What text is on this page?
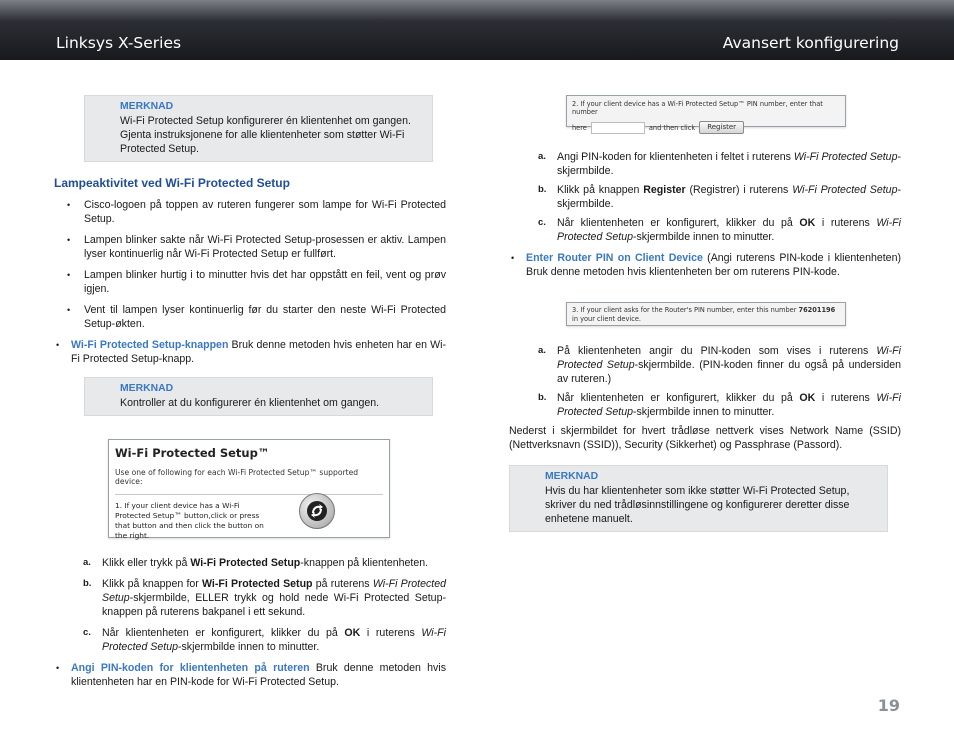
Linksys X-Series	Avansert konfigurering
MERKNAD
Wi-Fi Protected Setup konfigurerer én klientenhet om gangen. Gjenta instruksjonene for alle klientenheter som støtter Wi-Fi Protected Setup.
Lampeaktivitet ved Wi-Fi Protected Setup
• Cisco-logoen på toppen av ruteren fungerer som lampe for Wi-Fi Protected Setup.
• Lampen blinker sakte når Wi-Fi Protected Setup-prosessen er aktiv. Lampen lyser kontinuerlig når Wi-Fi Protected Setup er fullført.
• Lampen blinker hurtig i to minutter hvis det har oppstått en feil, vent og prøv igjen.
• Vent til lampen lyser kontinuerlig før du starter den neste Wi-Fi Protected Setup-økten.
• Wi-Fi Protected Setup-knappen Bruk denne metoden hvis enheten har en Wi-Fi Protected Setup-knapp.
MERKNAD
Kontroller at du konfigurerer én klientenhet om gangen.
Wi-Fi Protected Setup™
Use one of following for each Wi-Fi Protected Setup™ supported device:
1. If your client device has a Wi-Fi Protected Setup™ button,click or press that button and then click the button on the right.
a. Klikk eller trykk på Wi-Fi Protected Setup-knappen på klientenheten.
b. Klikk på knappen for Wi-Fi Protected Setup på ruterens Wi-Fi Protected Setup-skjermbilde, ELLER trykk og hold nede Wi-Fi Protected Setup-knappen på ruterens bakpanel i ett sekund.
c. Når klientenheten er konfigurert, klikker du på OK i ruterens Wi-Fi Protected Setup-skjermbilde innen to minutter.
• Angi PIN-koden for klientenheten på ruteren Bruk denne metoden hvis klientenheten har en PIN-kode for Wi-Fi Protected Setup.
2. If your client device has a Wi-Fi Protected Setup™ PIN number, enter that number
here	and then click	Register
a. Angi PIN-koden for klientenheten i feltet i ruterens Wi-Fi Protected Setup-skjermbilde.
b. Klikk på knappen Register (Registrer) i ruterens Wi-Fi Protected Setup-skjermbilde.
c. Når klientenheten er konfigurert, klikker du på OK i ruterens Wi-Fi Protected Setup-skjermbilde innen to minutter.
• Enter Router PIN on Client Device (Angi ruterens PIN-kode i klientenheten) Bruk denne metoden hvis klientenheten ber om ruterens PIN-kode.
3. If your client asks for the Router's PIN number, enter this number 76201196 in your client device.
a. På klientenheten angir du PIN-koden som vises i ruterens Wi-Fi Protected Setup-skjermbilde. (PIN-koden finner du også på undersiden av ruteren.)
b. Når klientenheten er konfigurert, klikker du på OK i ruterens Wi-Fi Protected Setup-skjermbilde innen to minutter.
Nederst i skjermbildet for hvert trådløse nettverk vises Network Name (SSID) (Nettverksnavn (SSID)), Security (Sikkerhet) og Passphrase (Passord).
MERKNAD
Hvis du har klientenheter som ikke støtter Wi-Fi Protected Setup, skriver du ned trådløsinnstillingene og konfigurerer deretter disse enhetene manuelt.
19
